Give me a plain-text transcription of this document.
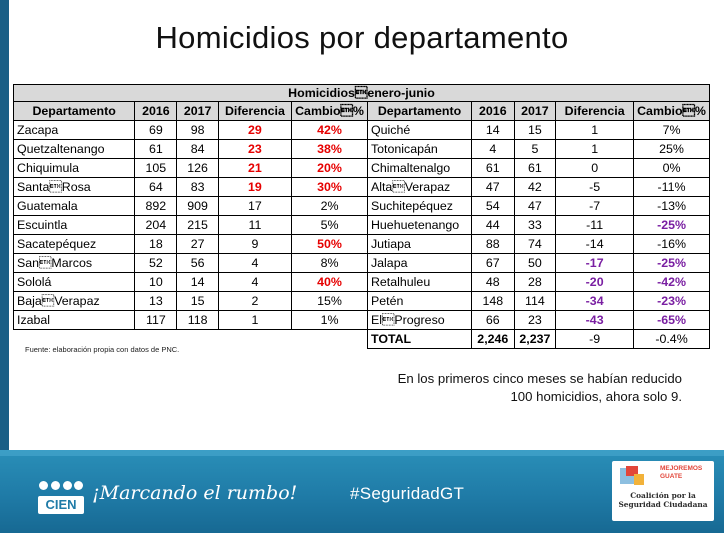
Homicidios por departamento
Homicidiosenero-junio									
Departamento	2016	2017	Diferencia	Cambio%	Departamento	2016	2017	Diferencia	Cambio%
Zacapa	69	98	29	42%	Quiché	14	15	1	7%
Quetzaltenango	61	84	23	38%	Totonicapán	4	5	1	25%
Chiquimula	105	126	21	20%	Chimaltenalgo	61	61	0	0%
SantaRosa	64	83	19	30%	AltaVerapaz	47	42	-5	-11%
Guatemala	892	909	17	2%	Suchitepéquez	54	47	-7	-13%
Escuintla	204	215	11	5%	Huehuetenango	44	33	-11	-25%
Sacatepéquez	18	27	9	50%	Jutiapa	88	74	-14	-16%
SanMarcos	52	56	4	8%	Jalapa	67	50	-17	-25%
Sololá	10	14	4	40%	Retalhuleu	48	28	-20	-42%
BajaVerapaz	13	15	2	15%	Petén	148	114	-34	-23%
Izabal	117	118	1	1%	ElProgreso	66	23	-43	-65%
					TOTAL	2,246	2,237	-9	-0.4%
Fuente: elaboración propia con datos de PNC.
En los primeros cinco meses se habían reducido
100 homicidios, ahora solo 9.
CIEN
¡Marcando el rumbo!	#SeguridadGT
MEJOREMOS GUATE
Coalición por la
Seguridad Ciudadana
